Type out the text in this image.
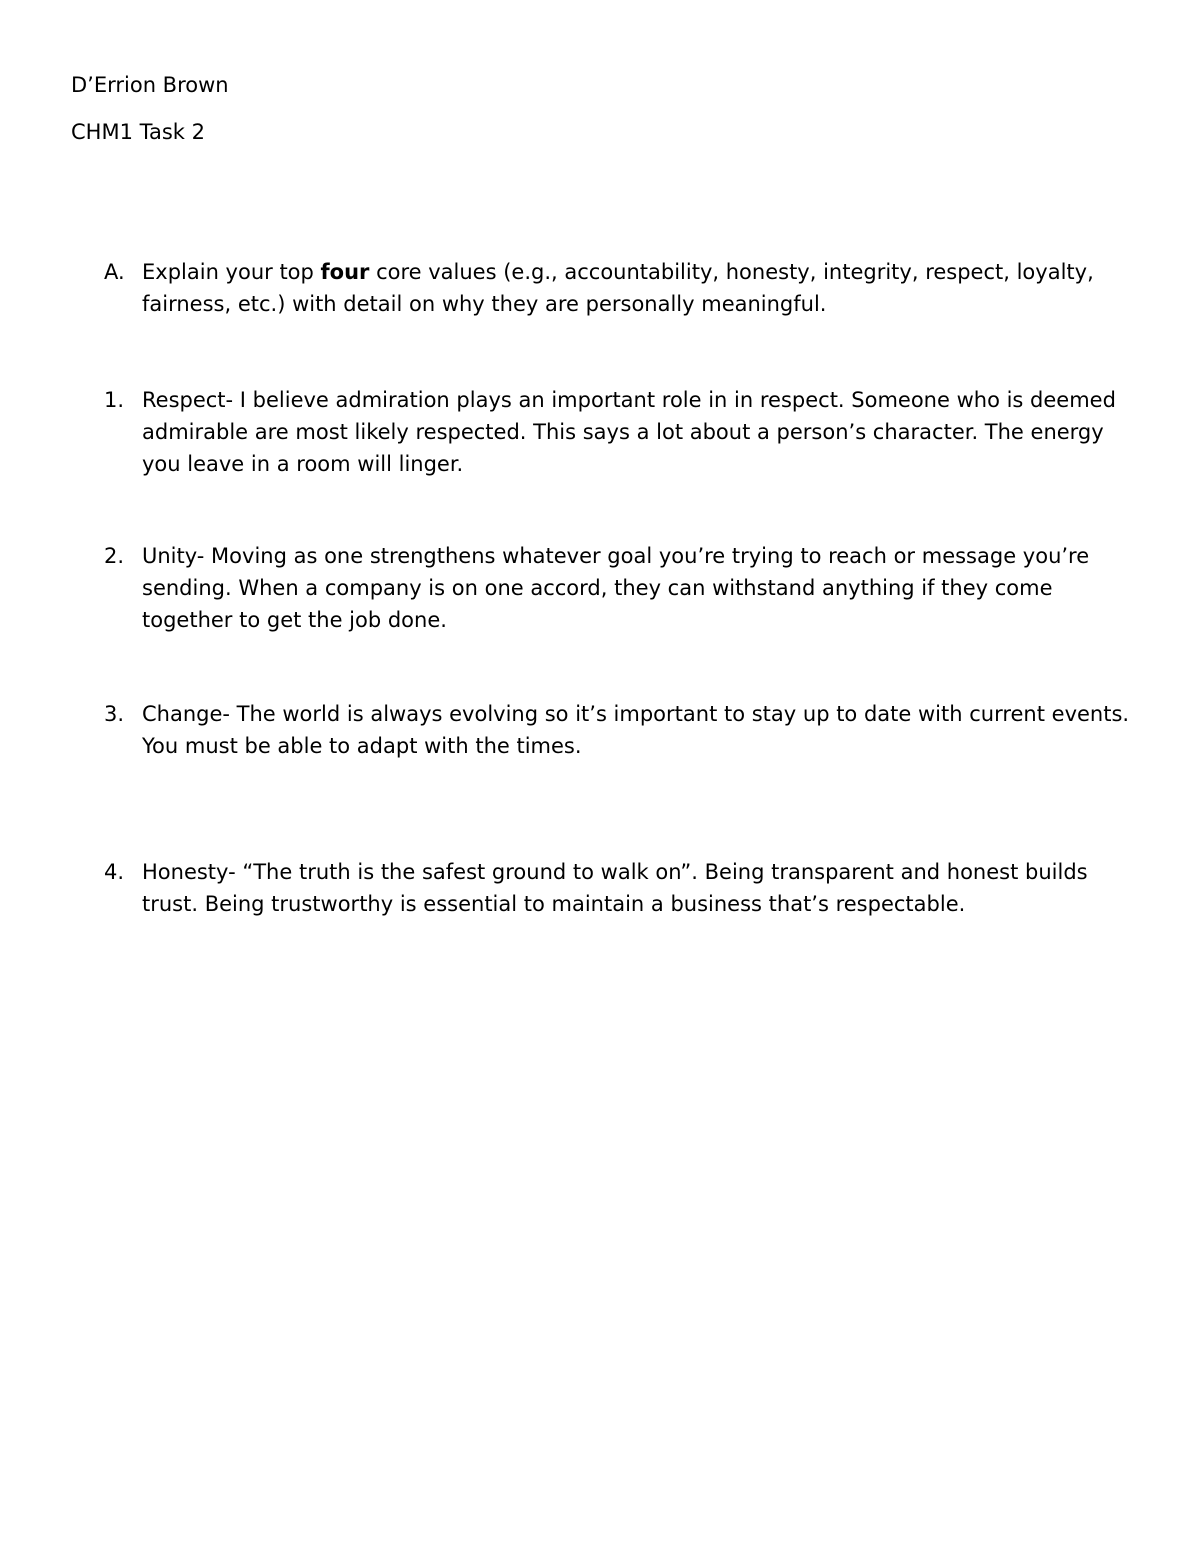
D’Errion Brown

CHM1 Task 2

A. Explain your top four core values (e.g., accountability, honesty, integrity, respect, loyalty, fairness, etc.) with detail on why they are personally meaningful.
1. Respect- I believe admiration plays an important role in in respect. Someone who is deemed admirable are most likely respected. This says a lot about a person’s character. The energy you leave in a room will linger.
2. Unity- Moving as one strengthens whatever goal you’re trying to reach or message you’re sending. When a company is on one accord, they can withstand anything if they come together to get the job done.
3. Change- The world is always evolving so it’s important to stay up to date with current events. You must be able to adapt with the times.
4. Honesty- “The truth is the safest ground to walk on”. Being transparent and honest builds trust. Being trustworthy is essential to maintain a business that’s respectable.
